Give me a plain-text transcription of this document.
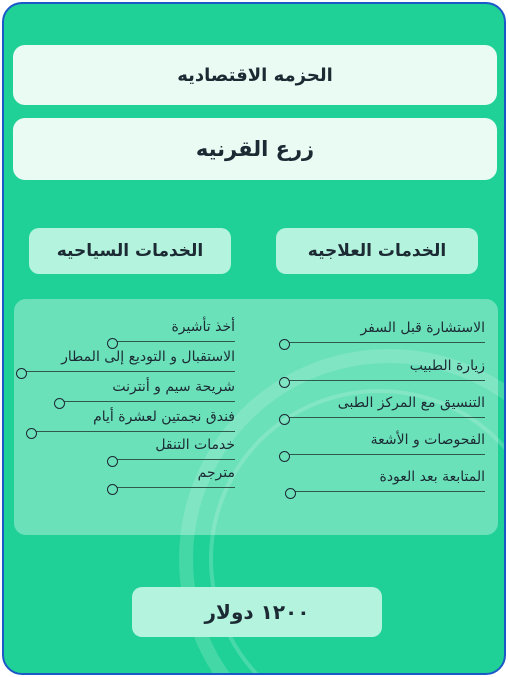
الحزمه الاقتصاديه
زرع القرنيه
الخدمات العلاجيه
الخدمات السياحيه
الاستشارة قبل السفر
زيارة الطبيب
التنسيق مع المركز الطبى
الفحوصات و الأشعة
المتابعة بعد العودة
أخذ تأشيرة
الاستقبال و التوديع إلى المطار
شريحة سيم و أنترنت
فندق نجمتين لعشرة أيام
خدمات التنقل
مترجم
١٢٠٠ دولار
